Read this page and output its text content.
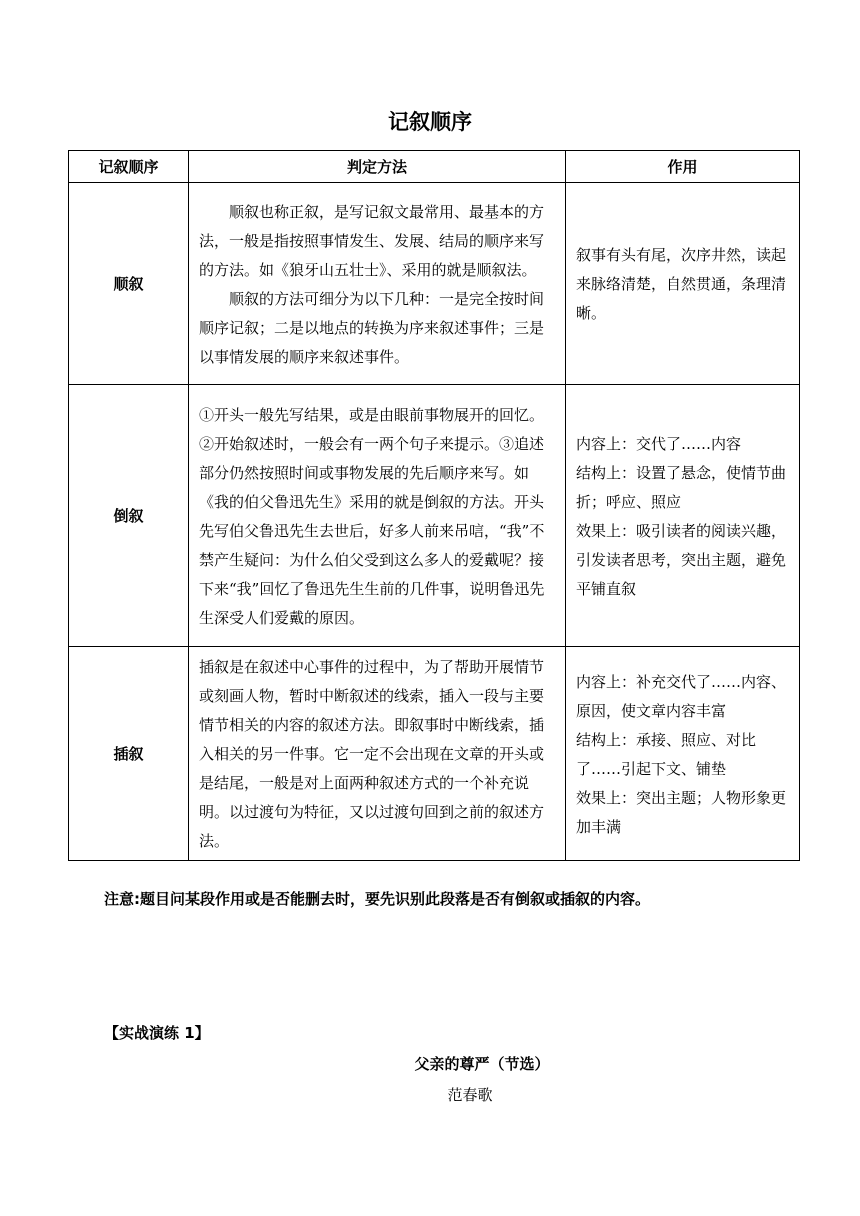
记叙顺序
记叙顺序	判定方法	作用
顺叙	顺叙也称正叙，是写记叙文最常用、最基本的方法，一般是指按照事情发生、发展、结局的顺序来写的方法。如《狼牙山五壮士》、采用的就是顺叙法。

顺叙的方法可细分为以下几种：一是完全按时间顺序记叙；二是以地点的转换为序来叙述事件；三是以事情发展的顺序来叙述事件。	叙事有头有尾，次序井然，读起来脉络清楚，自然贯通，条理清晰。

倒叙	①开头一般先写结果，或是由眼前事物展开的回忆。②开始叙述时，一般会有一两个句子来提示。③追述部分仍然按照时间或事物发展的先后顺序来写。如《我的伯父鲁迅先生》采用的就是倒叙的方法。开头先写伯父鲁迅先生去世后，好多人前来吊唁，“我”不禁产生疑问：为什么伯父受到这么多人的爱戴呢？接下来“我”回忆了鲁迅先生生前的几件事，说明鲁迅先生深受人们爱戴的原因。	内容上：交代了……内容

结构上：设置了悬念，使情节曲折；呼应、照应

效果上：吸引读者的阅读兴趣，引发读者思考，突出主题，避免平铺直叙

插叙	插叙是在叙述中心事件的过程中，为了帮助开展情节或刻画人物，暂时中断叙述的线索，插入一段与主要情节相关的内容的叙述方法。即叙事时中断线索，插入相关的另一件事。它一定不会出现在文章的开头或是结尾，一般是对上面两种叙述方式的一个补充说明。以过渡句为特征，又以过渡句回到之前的叙述方法。	内容上：补充交代了……内容、原因，使文章内容丰富

结构上：承接、照应、对比了……引起下文、铺垫

效果上：突出主题；人物形象更加丰满

注意:题目问某段作用或是否能删去时，要先识别此段落是否有倒叙或插叙的内容。
【实战演练 1】
父亲的尊严（节选）
范春歌
